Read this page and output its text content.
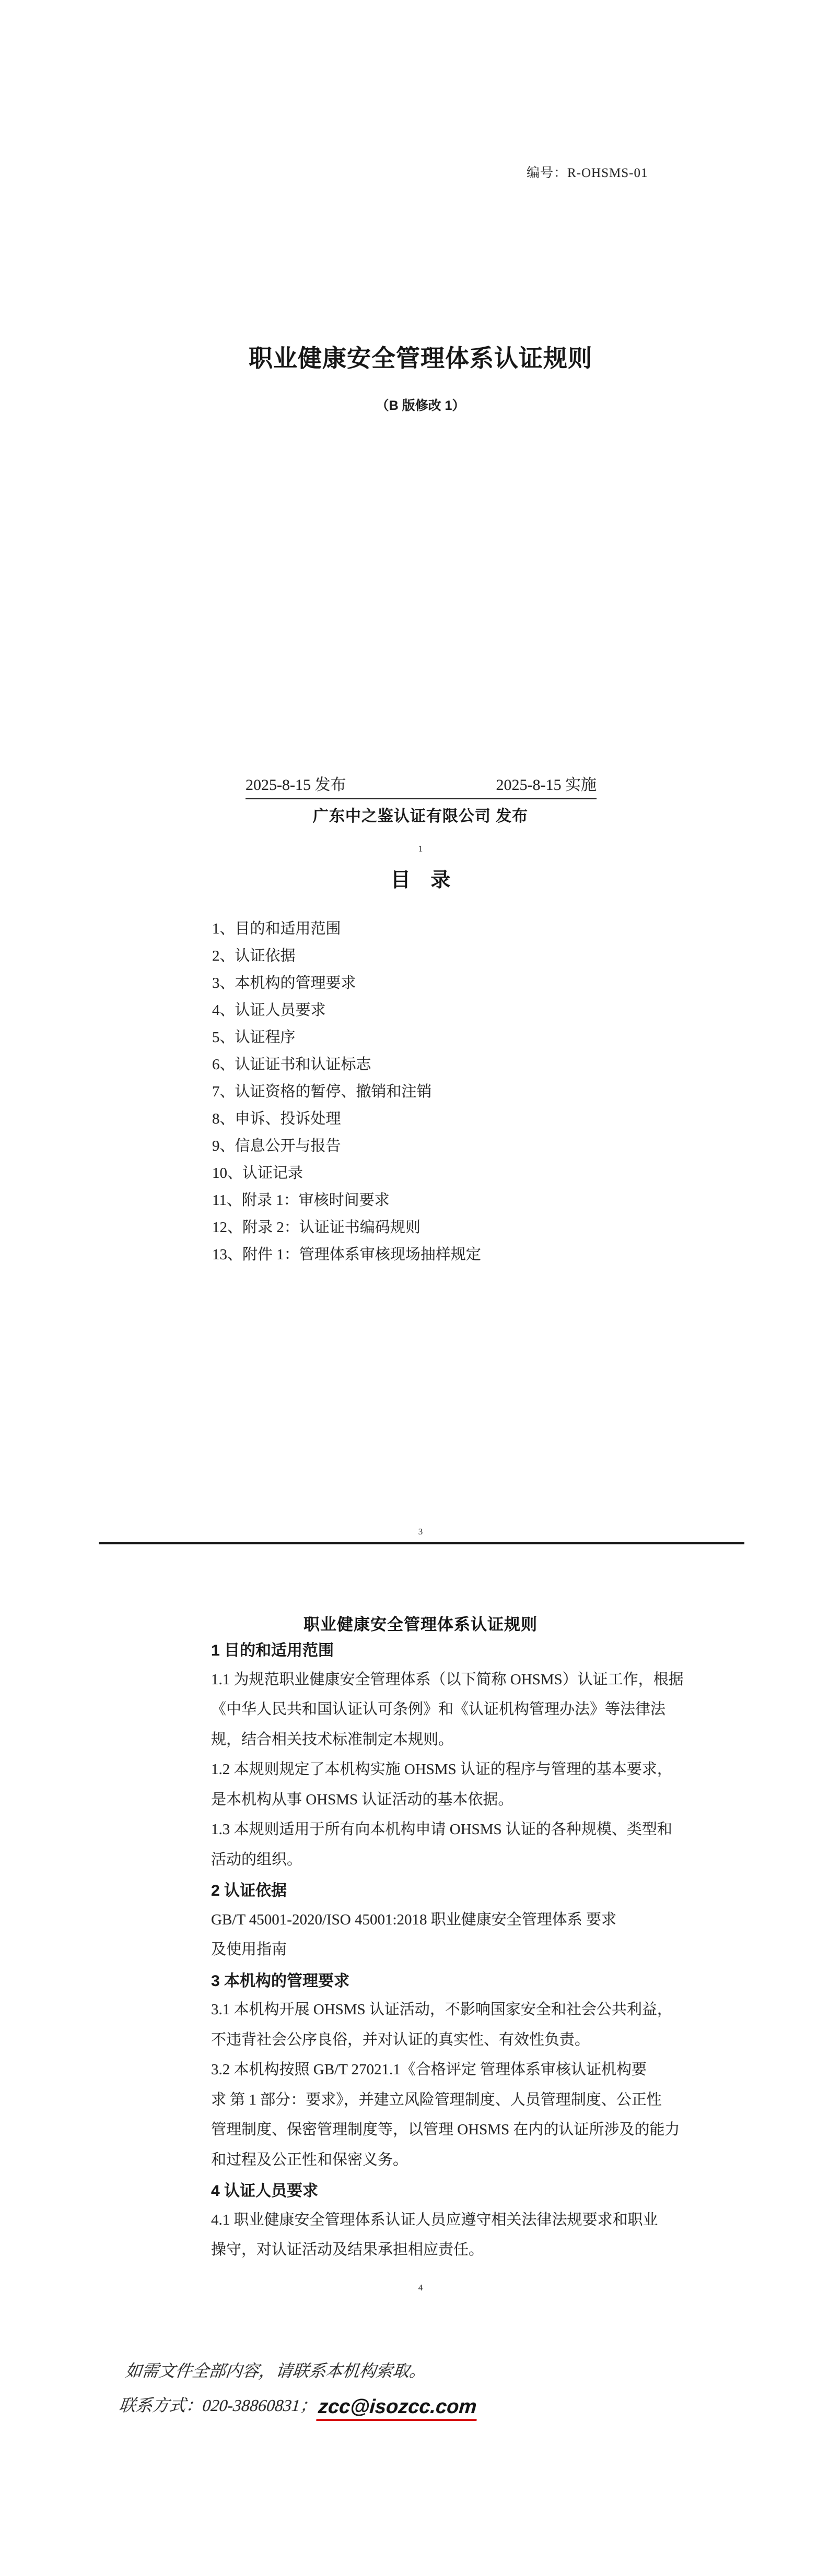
编号：R-OHSMS-01
职业健康安全管理体系认证规则
（B 版修改 1）
2025-8-15 发布	2025-8-15 实施
广东中之鉴认证有限公司 发布
1
目 录
1、目的和适用范围
2、认证依据
3、本机构的管理要求
4、认证人员要求
5、认证程序
6、认证证书和认证标志
7、认证资格的暂停、撤销和注销
8、申诉、投诉处理
9、信息公开与报告
10、认证记录
11、附录 1：审核时间要求
12、附录 2：认证证书编码规则
13、附件 1：管理体系审核现场抽样规定
3
职业健康安全管理体系认证规则
1 目的和适用范围
1.1 为规范职业健康安全管理体系（以下简称 OHSMS）认证工作，根据
《中华人民共和国认证认可条例》和《认证机构管理办法》等法律法
规，结合相关技术标准制定本规则。
1.2 本规则规定了本机构实施 OHSMS 认证的程序与管理的基本要求，
是本机构从事 OHSMS 认证活动的基本依据。
1.3 本规则适用于所有向本机构申请 OHSMS 认证的各种规模、类型和
活动的组织。
2 认证依据
GB/T 45001-2020/ISO 45001:2018 职业健康安全管理体系 要求
及使用指南
3 本机构的管理要求
3.1 本机构开展 OHSMS 认证活动，不影响国家安全和社会公共利益，
不违背社会公序良俗，并对认证的真实性、有效性负责。
3.2 本机构按照 GB/T 27021.1《合格评定 管理体系审核认证机构要
求 第 1 部分：要求》，并建立风险管理制度、人员管理制度、公正性
管理制度、保密管理制度等，以管理 OHSMS 在内的认证所涉及的能力
和过程及公正性和保密义务。
4 认证人员要求
4.1 职业健康安全管理体系认证人员应遵守相关法律法规要求和职业
操守，对认证活动及结果承担相应责任。
4
如需文件全部内容，请联系本机构索取。
联系方式：020-38860831；zcc@isozcc.com
